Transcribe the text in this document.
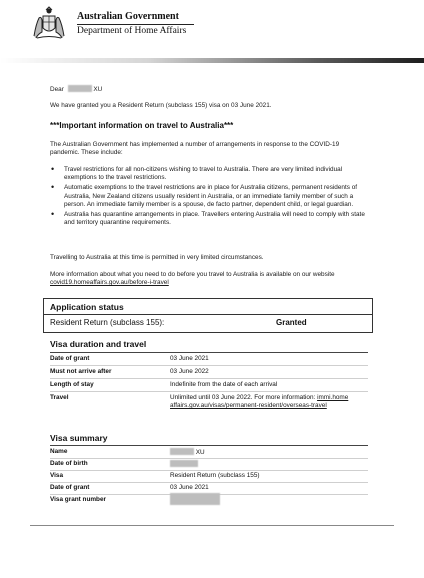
Australian Government
Department of Home Affairs
Dear	XU
We have granted you a Resident Return (subclass 155) visa on 03 June 2021.
***Important information on travel to Australia***
The Australian Government has implemented a number of arrangements in response to the COVID-19 pandemic. These include:
• Travel restrictions for all non-citizens wishing to travel to Australia. There are very limited individual exemptions to the travel restrictions.
• Automatic exemptions to the travel restrictions are in place for Australia citizens, permanent residents of Australia, New Zealand citizens usually resident in Australia, or an immediate family member of such a person. An immediate family member is a spouse, de facto partner, dependent child, or legal guardian.
• Australia has quarantine arrangements in place. Travellers entering Australia will need to comply with state and territory quarantine requirements.
Travelling to Australia at this time is permitted in very limited circumstances.
More information about what you need to do before you travel to Australia is available on our website covid19.homeaffairs.gov.au/before-i-travel
Application status
Resident Return (subclass 155):	Granted
Visa duration and travel
Date of grant	03 June 2021
Must not arrive after	03 June 2022
Length of stay	Indefinite from the date of each arrival
Travel	Unlimited until 03 June 2022. For more information: immi.homeaffairs.gov.au/visas/permanent-resident/overseas-travel
Visa summary
Name	XU
Date of birth
Visa	Resident Return (subclass 155)
Date of grant	03 June 2021
Visa grant number
